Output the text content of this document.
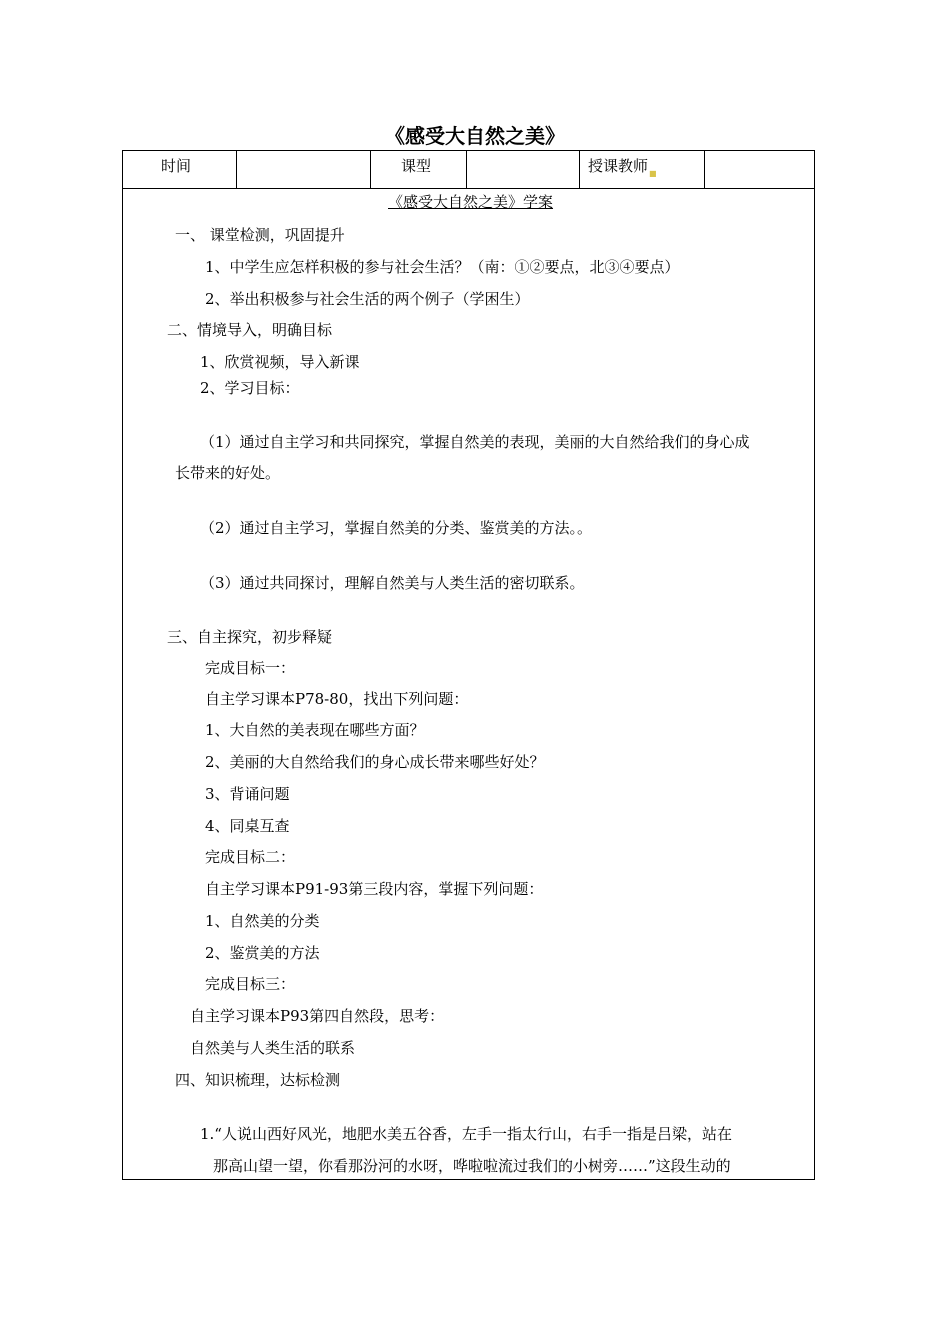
《感受大自然之美》
时间	课型	授课教师 ■
《感受大自然之美》学案
一、 课堂检测，巩固提升
1、中学生应怎样积极的参与社会生活？（南：①②要点，北③④要点）
2、举出积极参与社会生活的两个例子（学困生）
二、情境导入，明确目标
1、欣赏视频，导入新课
2、学习目标：
（1）通过自主学习和共同探究，掌握自然美的表现，美丽的大自然给我们的身心成
长带来的好处。
（2）通过自主学习，掌握自然美的分类、鉴赏美的方法。。
（3）通过共同探讨，理解自然美与人类生活的密切联系。
三、自主探究，初步释疑
完成目标一：
自主学习课本P78-80，找出下列问题：
1、大自然的美表现在哪些方面？
2、美丽的大自然给我们的身心成长带来哪些好处？
3、背诵问题
4、同桌互查
完成目标二：
自主学习课本P91-93第三段内容，掌握下列问题：
1、自然美的分类
2、鉴赏美的方法
完成目标三：
自主学习课本P93第四自然段，思考：
自然美与人类生活的联系
四、知识梳理，达标检测
1.“人说山西好风光，地肥水美五谷香，左手一指太行山，右手一指是吕梁，站在
那高山望一望，你看那汾河的水呀，哗啦啦流过我们的小树旁……”这段生动的
